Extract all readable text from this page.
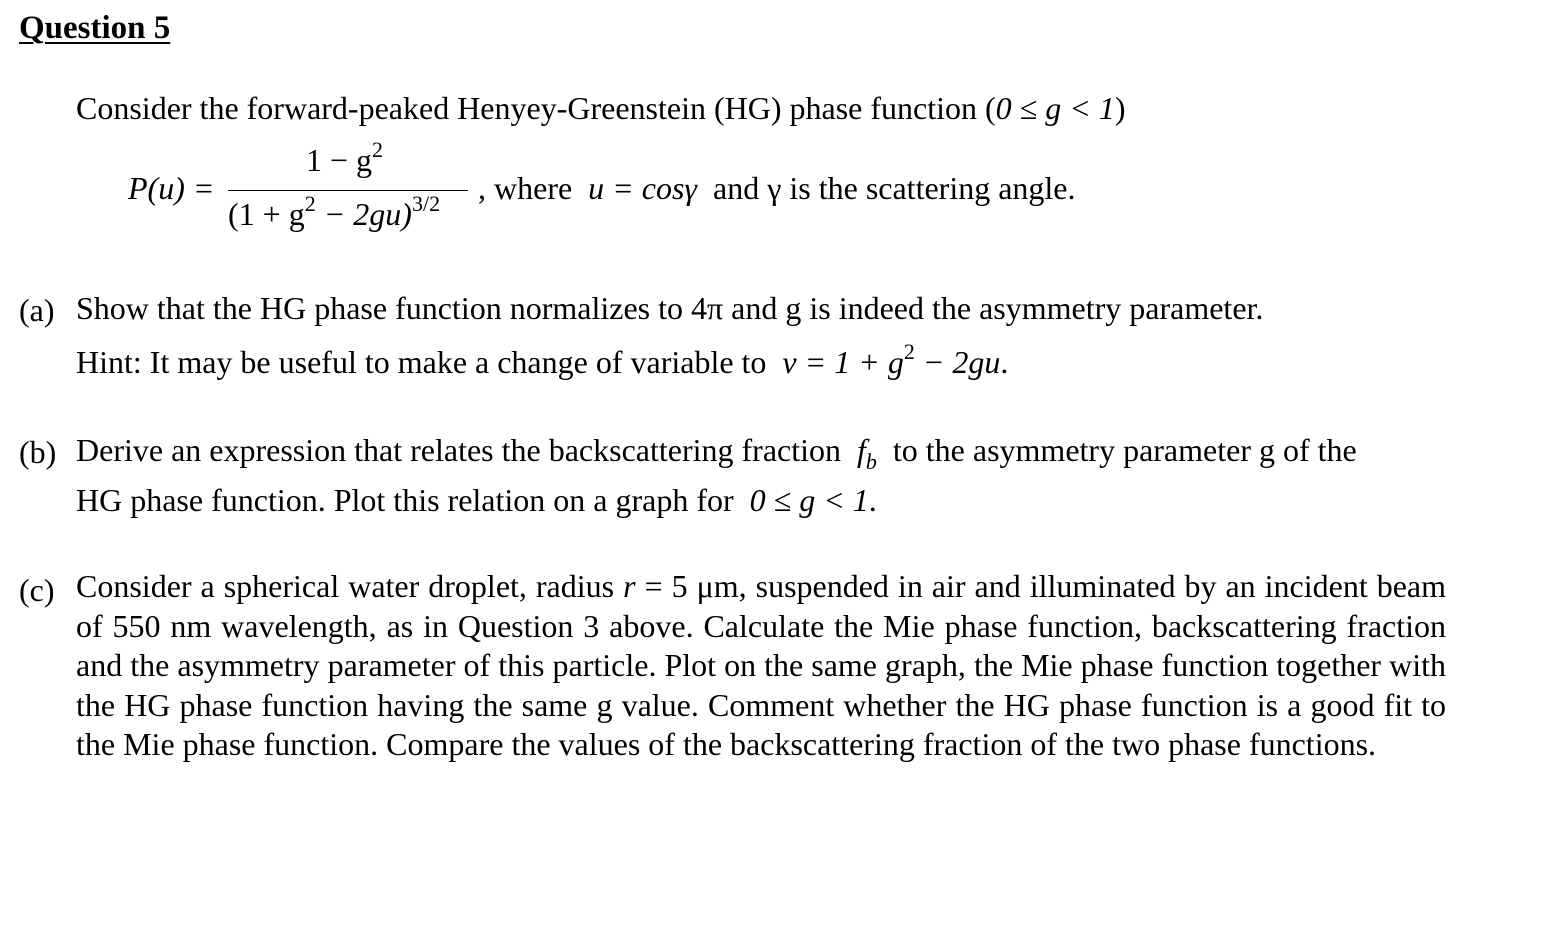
Question 5
Consider the forward-peaked Henyey-Greenstein (HG) phase function (0 ≤ g < 1)
P(u) =
$1 - g^2$
$(1 + g^2 - 2gu)^{3/2}$ , where u = cosγ and γ is the scattering angle.
(a) Show that the HG phase function normalizes to 4π and g is indeed the asymmetry parameter.
Hint: It may be useful to make a change of variable to $v = 1 + g^2 - 2gu$.
(b) Derive an expression that relates the backscattering fraction $f_b$ to the asymmetry parameter g of the
HG phase function. Plot this relation on a graph for 0 ≤ g < 1.
(c) Consider a spherical water droplet, radius r = 5 μm, suspended in air and illuminated by an incident beam of 550 nm wavelength, as in Question 3 above. Calculate the Mie phase function, backscattering fraction and the asymmetry parameter of this particle. Plot on the same graph, the Mie phase function together with the HG phase function having the same g value. Comment whether the HG phase function is a good fit to the Mie phase function. Compare the values of the backscattering fraction of the two phase functions.
